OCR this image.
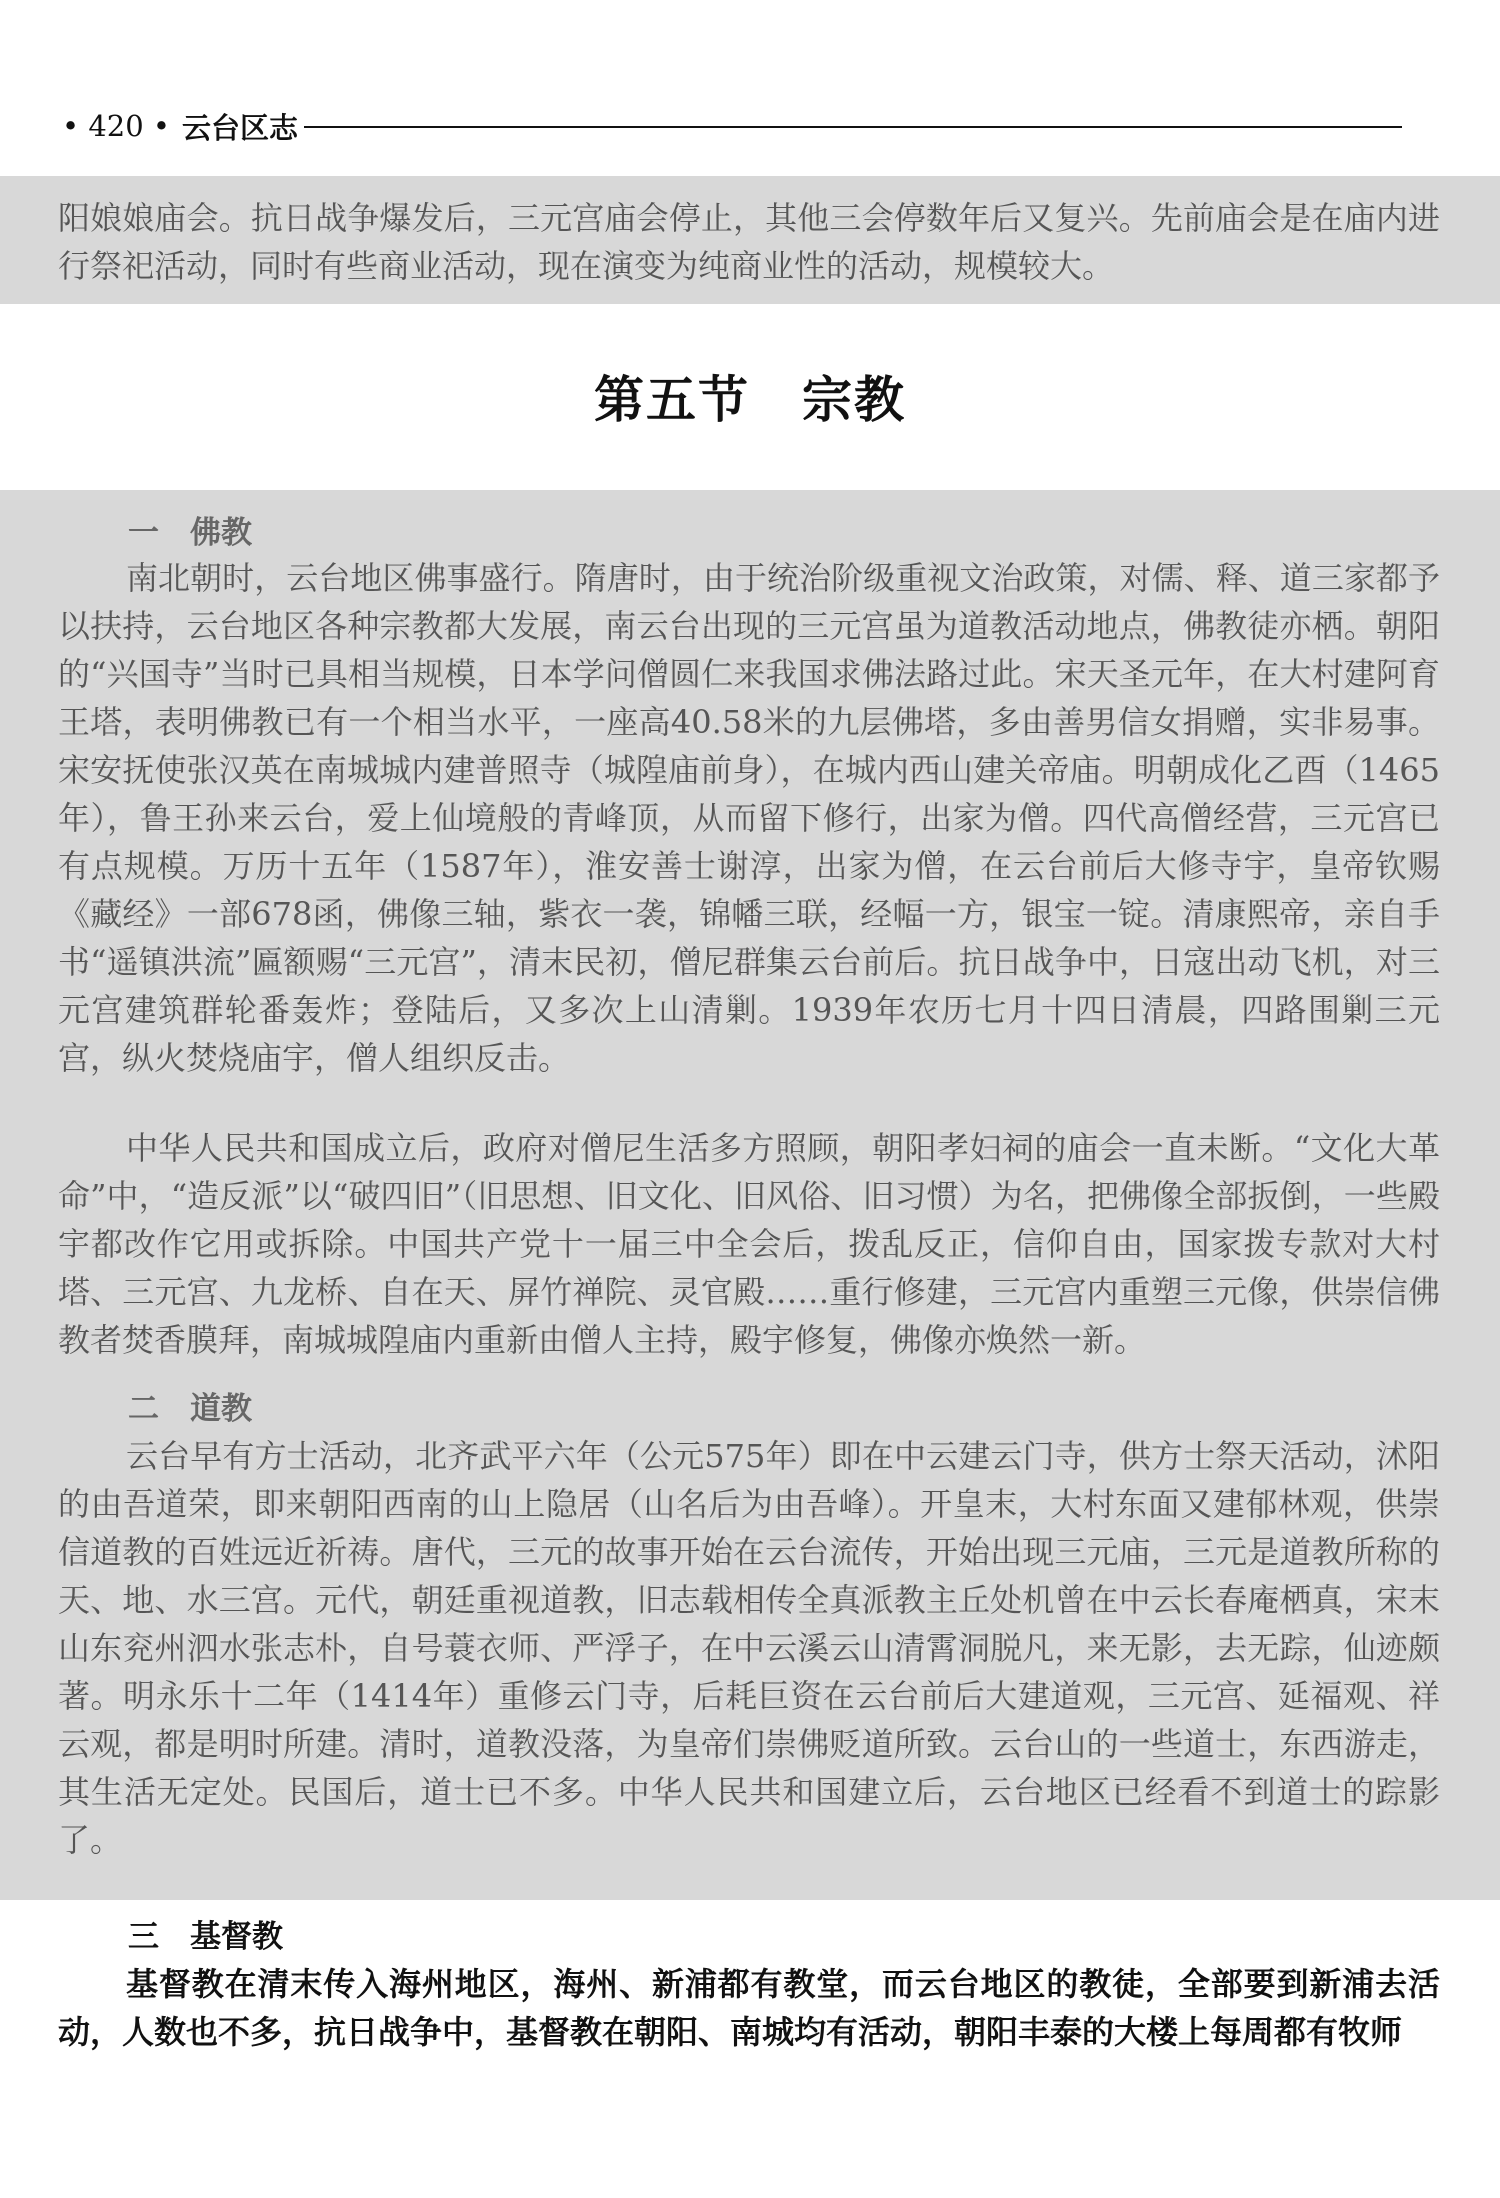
• 420 • 云台区志
阳娘娘庙会。抗日战争爆发后，三元宫庙会停止，其他三会停数年后又复兴。先前庙会是在庙内进行祭祀活动，同时有些商业活动，现在演变为纯商业性的活动，规模较大。
第五节　宗教
一　佛教
南北朝时，云台地区佛事盛行。隋唐时，由于统治阶级重视文治政策，对儒、释、道三家都予以扶持，云台地区各种宗教都大发展，南云台出现的三元宫虽为道教活动地点，佛教徒亦栖。朝阳的“兴国寺”当时已具相当规模，日本学问僧圆仁来我国求佛法路过此。宋天圣元年，在大村建阿育王塔，表明佛教已有一个相当水平，一座高40.58米的九层佛塔，多由善男信女捐赠，实非易事。宋安抚使张汉英在南城城内建普照寺（城隍庙前身），在城内西山建关帝庙。明朝成化乙酉（1465年），鲁王孙来云台，爱上仙境般的青峰顶，从而留下修行，出家为僧。四代高僧经营，三元宫已有点规模。万历十五年（1587年），淮安善士谢淳，出家为僧，在云台前后大修寺宇，皇帝钦赐《藏经》一部678函，佛像三轴，紫衣一袭，锦幡三联，经幅一方，银宝一锭。清康熙帝，亲自手书“遥镇洪流”匾额赐“三元宫”，清末民初，僧尼群集云台前后。抗日战争中，日寇出动飞机，对三元宫建筑群轮番轰炸；登陆后，又多次上山清剿。1939年农历七月十四日清晨，四路围剿三元宫，纵火焚烧庙宇，僧人组织反击。
中华人民共和国成立后，政府对僧尼生活多方照顾，朝阳孝妇祠的庙会一直未断。“文化大革命”中，“造反派”以“破四旧”（旧思想、旧文化、旧风俗、旧习惯）为名，把佛像全部扳倒，一些殿宇都改作它用或拆除。中国共产党十一届三中全会后，拨乱反正，信仰自由，国家拨专款对大村塔、三元宫、九龙桥、自在天、屏竹禅院、灵官殿……重行修建，三元宫内重塑三元像，供崇信佛教者焚香膜拜，南城城隍庙内重新由僧人主持，殿宇修复，佛像亦焕然一新。
二　道教
云台早有方士活动，北齐武平六年（公元575年）即在中云建云门寺，供方士祭天活动，沭阳的由吾道荣，即来朝阳西南的山上隐居（山名后为由吾峰）。开皇末，大村东面又建郁林观，供崇信道教的百姓远近祈祷。唐代，三元的故事开始在云台流传，开始出现三元庙，三元是道教所称的天、地、水三宫。元代，朝廷重视道教，旧志载相传全真派教主丘处机曾在中云长春庵栖真，宋末山东兖州泗水张志朴，自号蓑衣师、严浮子，在中云溪云山清霄洞脱凡，来无影，去无踪，仙迹颇著。明永乐十二年（1414年）重修云门寺，后耗巨资在云台前后大建道观，三元宫、延福观、祥云观，都是明时所建。清时，道教没落，为皇帝们崇佛贬道所致。云台山的一些道士，东西游走，其生活无定处。民国后，道士已不多。中华人民共和国建立后，云台地区已经看不到道士的踪影了。
三　基督教
基督教在清末传入海州地区，海州、新浦都有教堂，而云台地区的教徒，全部要到新浦去活动，人数也不多，抗日战争中，基督教在朝阳、南城均有活动，朝阳丰泰的大楼上每周都有牧师
